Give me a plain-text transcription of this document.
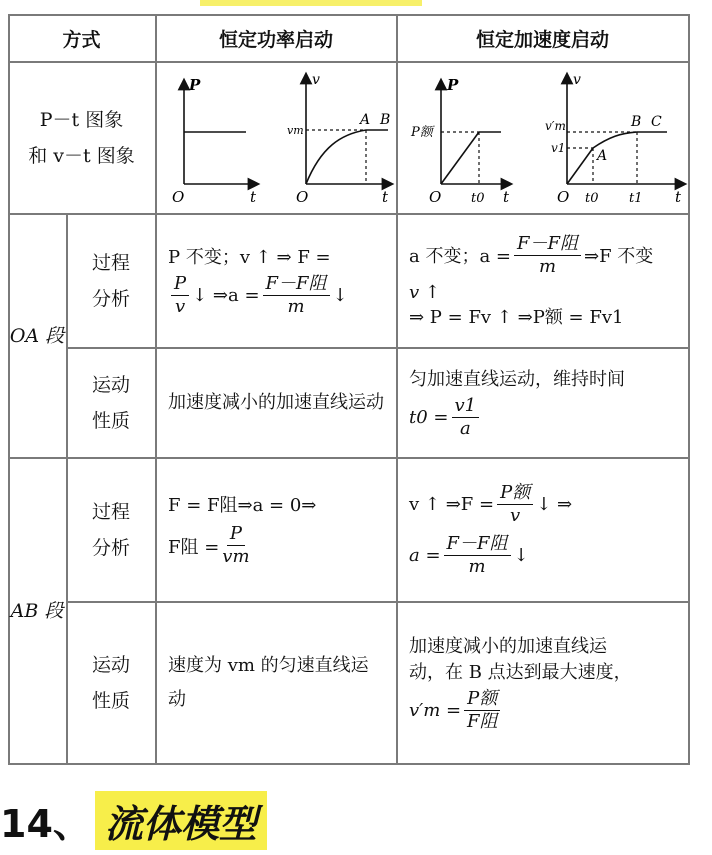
方式	恒定功率启动	恒定加速度启动
P－t 图象
和 v－t 图象
P
t
O
v
t
O
vm
A B
P
t
O
P额
t0
v
t
O
v′m
v1 A
B C
t0 t1
OA 段
过程
分析
P 不变；v ↑ ⇒ F =
$\frac{P}{v}$ ↓ ⇒a = $\frac{\text{F－F阻}}{m}$ ↓
a 不变；$a = \frac{\text{F－F阻}}{m}$ ⇒F 不变
v ↑
⇒ P = Fv ↑ ⇒P额 = Fv1
运动
性质
加速度减小的加速直线运动
匀加速直线运动，维持时间
$t0 = \frac{v1}{a}$
AB 段
过程
分析
F = F阻⇒a = 0⇒
F阻 = $\frac{P}{vm}$
v ↑ ⇒F = $\frac{\text{P额}}{v}$ ↓ ⇒
$a = \frac{\text{F－F阻}}{m}$ ↓
运动
性质
速度为 vm 的匀速直线运动
加速度减小的加速直线运
动，在 B 点达到最大速度，
$v'm = \frac{\text{P额}}{\text{F阻}}$
14、 流体模型
